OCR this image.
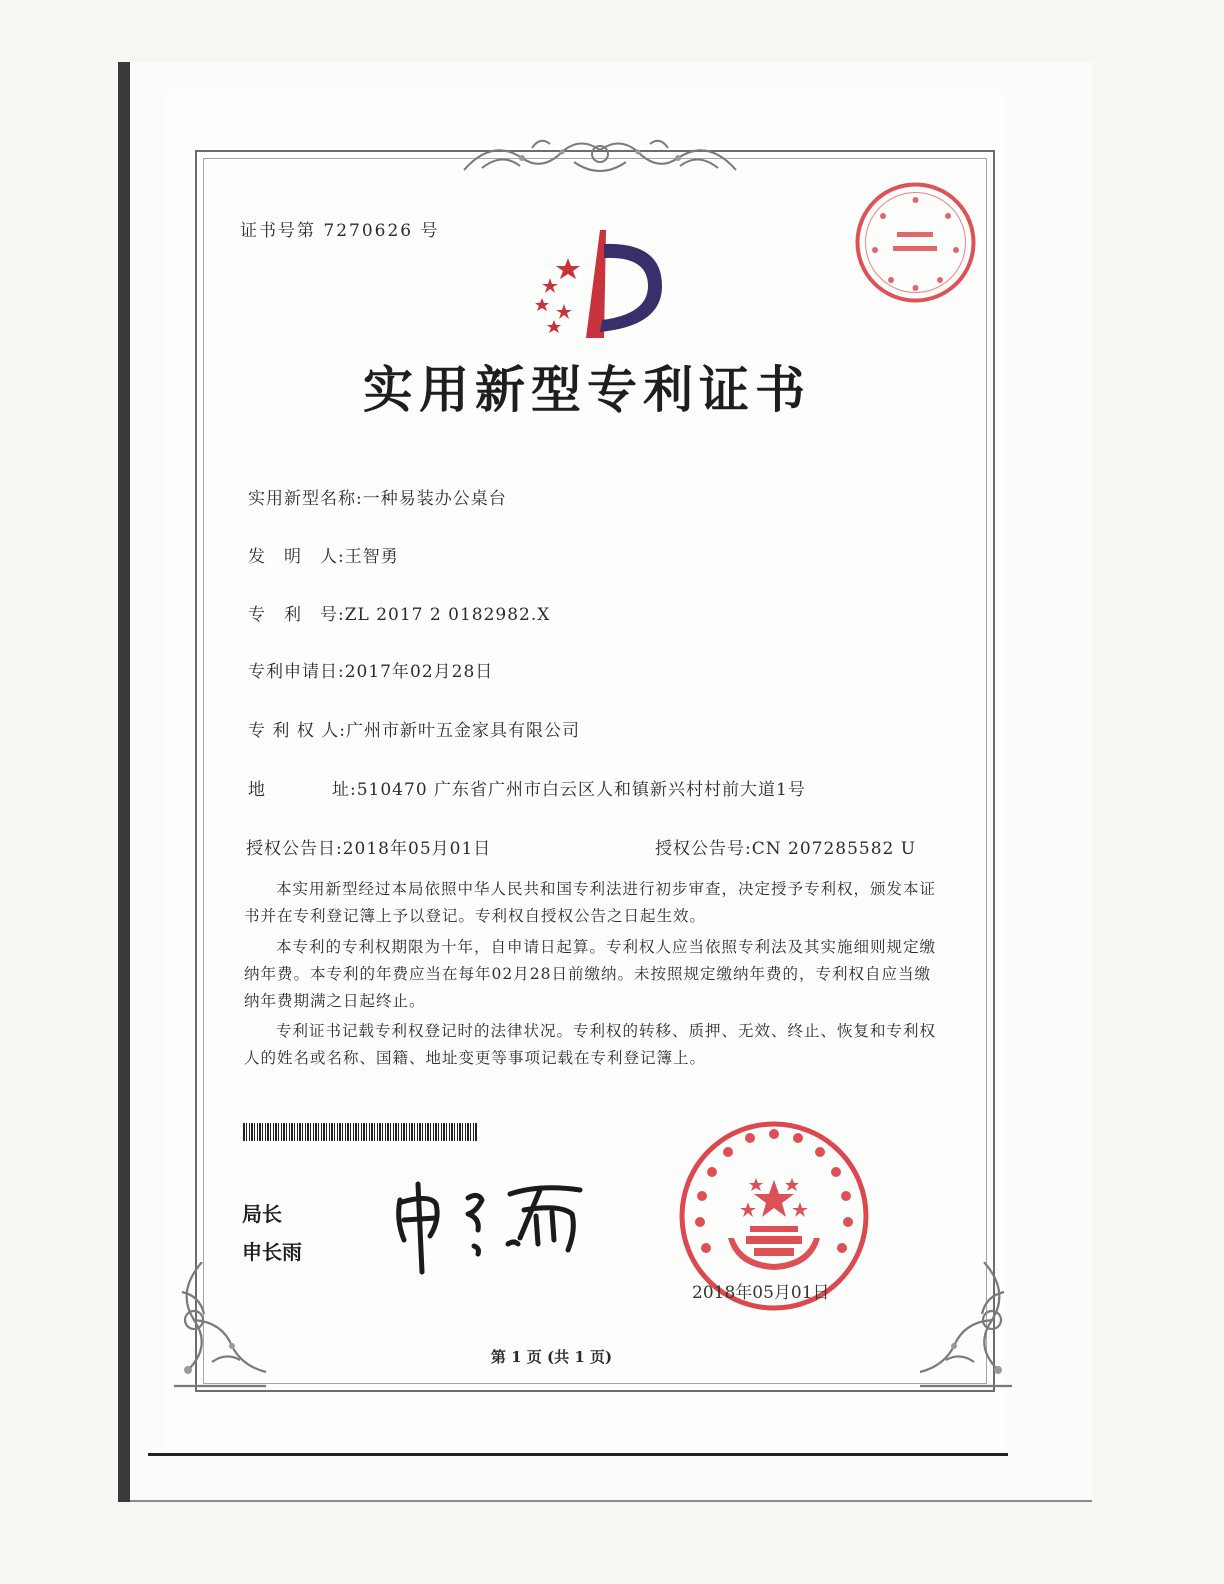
证书号第 7270626 号
实用新型专利证书
实用新型名称:一种易装办公桌台
发　明　人:王智勇
专　利　号:ZL 2017 2 0182982.X
专利申请日:2017年02月28日
专 利 权 人:广州市新叶五金家具有限公司
地	址:510470 广东省广州市白云区人和镇新兴村村前大道1号
授权公告日:2018年05月01日	授权公告号:CN 207285582 U

本实用新型经过本局依照中华人民共和国专利法进行初步审查，决定授予专利权，颁发本证书并在专利登记簿上予以登记。专利权自授权公告之日起生效。

本专利的专利权期限为十年，自申请日起算。专利权人应当依照专利法及其实施细则规定缴纳年费。本专利的年费应当在每年02月28日前缴纳。未按照规定缴纳年费的，专利权自应当缴纳年费期满之日起终止。

专利证书记载专利权登记时的法律状况。专利权的转移、质押、无效、终止、恢复和专利权人的姓名或名称、国籍、地址变更等事项记载在专利登记簿上。

局长
申长雨
2018年05月01日
第 1 页 (共 1 页)
